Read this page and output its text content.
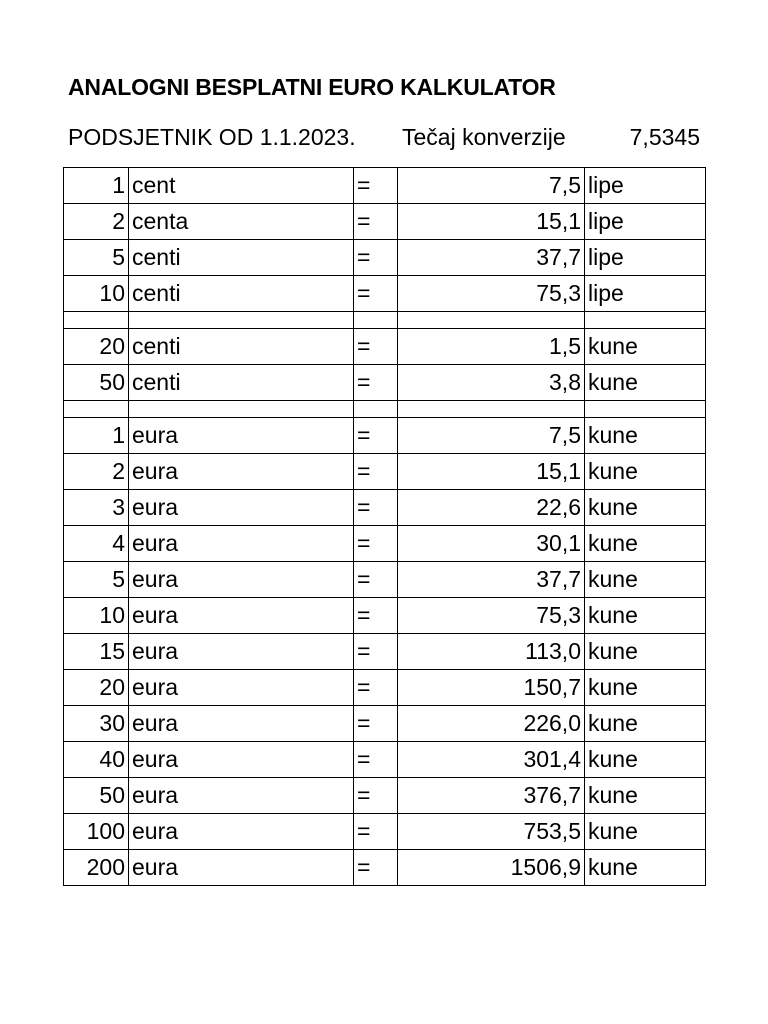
ANALOGNI BESPLATNI EURO KALKULATOR
PODSJETNIK OD 1.1.2023. Tečaj konverzije	7,5345
1	cent	=	7,5	lipe
2	centa	=	15,1	lipe
5	centi	=	37,7	lipe
10	centi	=	75,3	lipe

20	centi	=	1,5	kune
50	centi	=	3,8	kune

1	eura	=	7,5	kune
2	eura	=	15,1	kune
3	eura	=	22,6	kune
4	eura	=	30,1	kune
5	eura	=	37,7	kune
10	eura	=	75,3	kune
15	eura	=	113,0	kune
20	eura	=	150,7	kune
30	eura	=	226,0	kune
40	eura	=	301,4	kune
50	eura	=	376,7	kune
100	eura	=	753,5	kune
200	eura	=	1506,9	kune
